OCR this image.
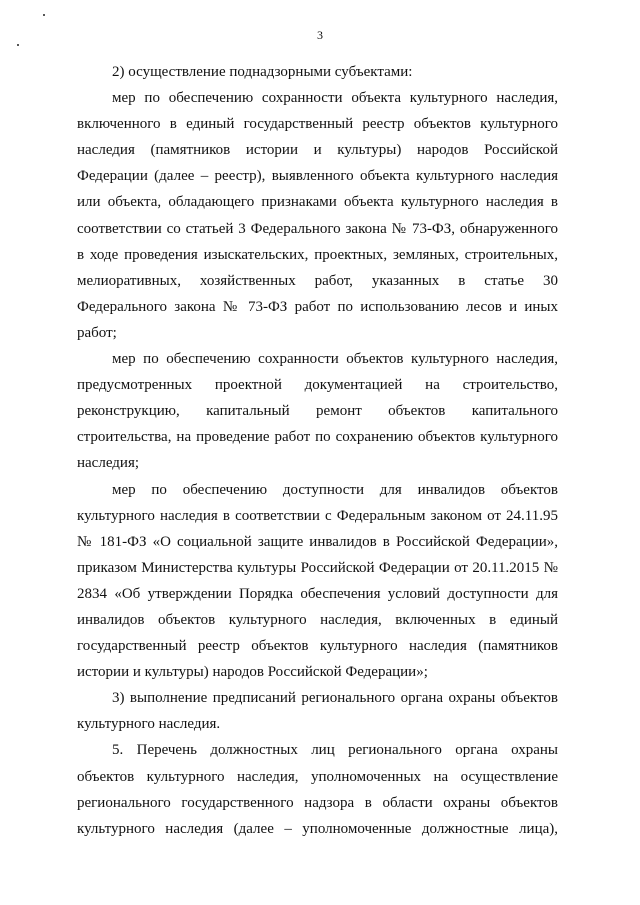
3

2) осуществление поднадзорными субъектами:

мер по обеспечению сохранности объекта культурного наследия, включенного в единый государственный реестр объектов культурного наследия (памятников истории и культуры) народов Российской Федерации (далее – реестр), выявленного объекта культурного наследия или объекта, обладающего признаками объекта культурного наследия в соответствии со статьей 3 Федерального закона № 73-ФЗ, обнаруженного в ходе проведения изыскательских, проектных, земляных, строительных, мелиоративных, хозяйственных работ, указанных в статье 30 Федерального закона № 73-ФЗ работ по использованию лесов и иных работ;

мер по обеспечению сохранности объектов культурного наследия, предусмотренных проектной документацией на строительство, реконструкцию, капитальный ремонт объектов капитального строительства, на проведение работ по сохранению объектов культурного наследия;

мер по обеспечению доступности для инвалидов объектов культурного наследия в соответствии с Федеральным законом от 24.11.95 № 181-ФЗ «О социальной защите инвалидов в Российской Федерации», приказом Министерства культуры Российской Федерации от 20.11.2015 № 2834 «Об утверждении Порядка обеспечения условий доступности для инвалидов объектов культурного наследия, включенных в единый государственный реестр объектов культурного наследия (памятников истории и культуры) народов Российской Федерации»;

3) выполнение предписаний регионального органа охраны объектов культурного наследия.

5. Перечень должностных лиц регионального органа охраны объектов культурного наследия, уполномоченных на осуществление регионального государственного надзора в области охраны объектов культурного наследия (далее – уполномоченные должностные лица),
